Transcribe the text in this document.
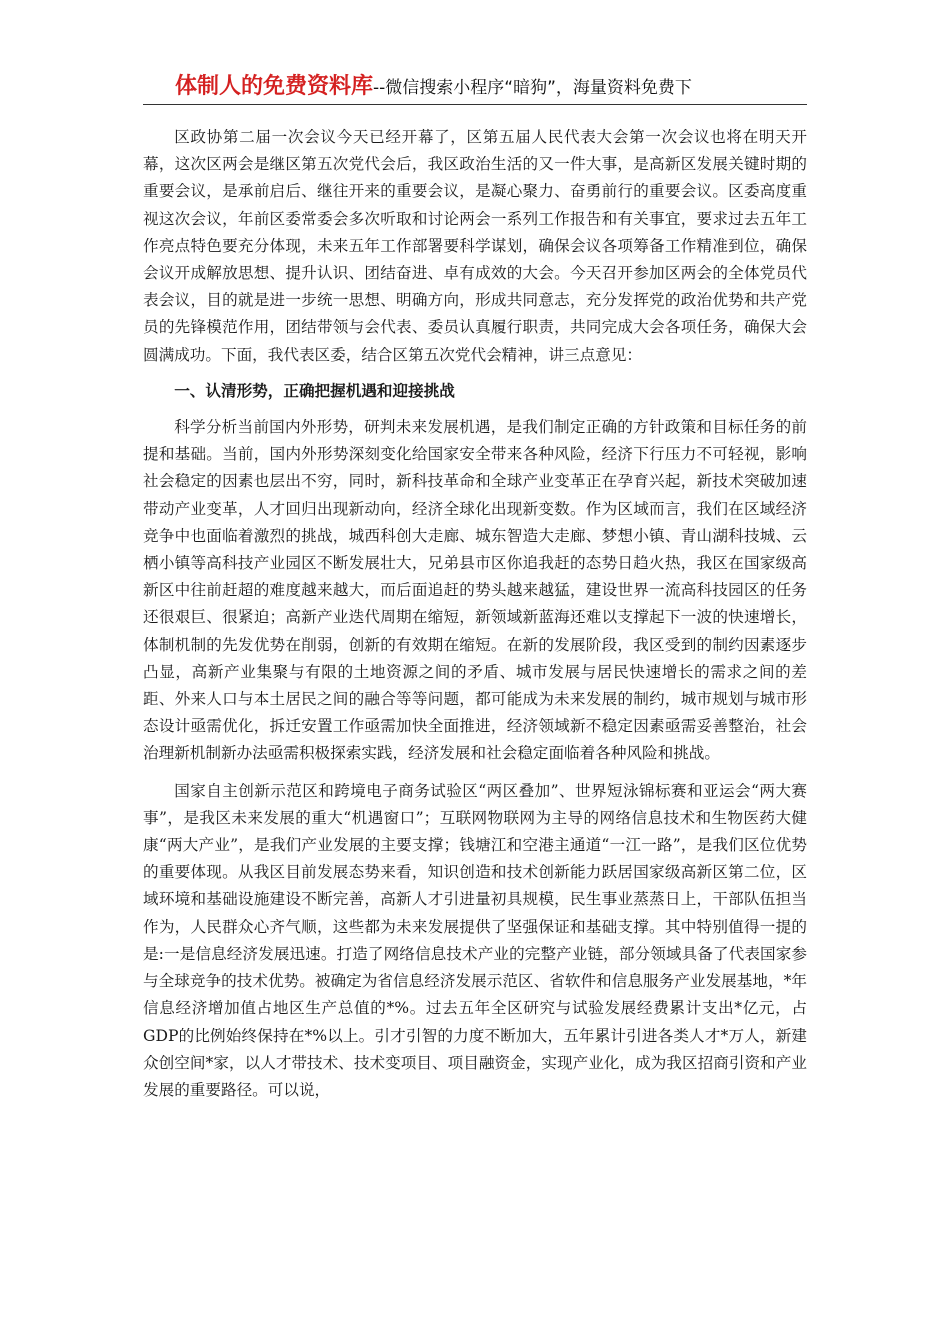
体制人的免费资料库--微信搜索小程序“暗狗”，海量资料免费下

区政协第二届一次会议今天已经开幕了，区第五届人民代表大会第一次会议也将在明天开幕，这次区两会是继区第五次党代会后，我区政治生活的又一件大事，是高新区发展关键时期的重要会议，是承前启后、继往开来的重要会议，是凝心聚力、奋勇前行的重要会议。区委高度重视这次会议，年前区委常委会多次听取和讨论两会一系列工作报告和有关事宜，要求过去五年工作亮点特色要充分体现，未来五年工作部署要科学谋划，确保会议各项筹备工作精准到位，确保会议开成解放思想、提升认识、团结奋进、卓有成效的大会。今天召开参加区两会的全体党员代表会议，目的就是进一步统一思想、明确方向，形成共同意志，充分发挥党的政治优势和共产党员的先锋模范作用，团结带领与会代表、委员认真履行职责，共同完成大会各项任务，确保大会圆满成功。下面，我代表区委，结合区第五次党代会精神，讲三点意见：

一、认清形势，正确把握机遇和迎接挑战

科学分析当前国内外形势，研判未来发展机遇，是我们制定正确的方针政策和目标任务的前提和基础。当前，国内外形势深刻变化给国家安全带来各种风险，经济下行压力不可轻视，影响社会稳定的因素也层出不穷，同时，新科技革命和全球产业变革正在孕育兴起，新技术突破加速带动产业变革，人才回归出现新动向，经济全球化出现新变数。作为区域而言，我们在区域经济竞争中也面临着激烈的挑战，城西科创大走廊、城东智造大走廊、梦想小镇、青山湖科技城、云栖小镇等高科技产业园区不断发展壮大，兄弟县市区你追我赶的态势日趋火热，我区在国家级高新区中往前赶超的难度越来越大，而后面追赶的势头越来越猛，建设世界一流高科技园区的任务还很艰巨、很紧迫；高新产业迭代周期在缩短，新领域新蓝海还难以支撑起下一波的快速增长，体制机制的先发优势在削弱，创新的有效期在缩短。在新的发展阶段，我区受到的制约因素逐步凸显，高新产业集聚与有限的土地资源之间的矛盾、城市发展与居民快速增长的需求之间的差距、外来人口与本土居民之间的融合等等问题，都可能成为未来发展的制约，城市规划与城市形态设计亟需优化，拆迁安置工作亟需加快全面推进，经济领域新不稳定因素亟需妥善整治，社会治理新机制新办法亟需积极探索实践，经济发展和社会稳定面临着各种风险和挑战。

国家自主创新示范区和跨境电子商务试验区“两区叠加”、世界短泳锦标赛和亚运会“两大赛事”，是我区未来发展的重大“机遇窗口”；互联网物联网为主导的网络信息技术和生物医药大健康“两大产业”，是我们产业发展的主要支撑；钱塘江和空港主通道“一江一路”，是我们区位优势的重要体现。从我区目前发展态势来看，知识创造和技术创新能力跃居国家级高新区第二位，区域环境和基础设施建设不断完善，高新人才引进量初具规模，民生事业蒸蒸日上，干部队伍担当作为，人民群众心齐气顺，这些都为未来发展提供了坚强保证和基础支撑。其中特别值得一提的是:一是信息经济发展迅速。打造了网络信息技术产业的完整产业链，部分领域具备了代表国家参与全球竞争的技术优势。被确定为省信息经济发展示范区、省软件和信息服务产业发展基地，*年信息经济增加值占地区生产总值的*%。过去五年全区研究与试验发展经费累计支出*亿元，占GDP的比例始终保持在*%以上。引才引智的力度不断加大，五年累计引进各类人才*万人，新建众创空间*家，以人才带技术、技术变项目、项目融资金，实现产业化，成为我区招商引资和产业发展的重要路径。可以说，
